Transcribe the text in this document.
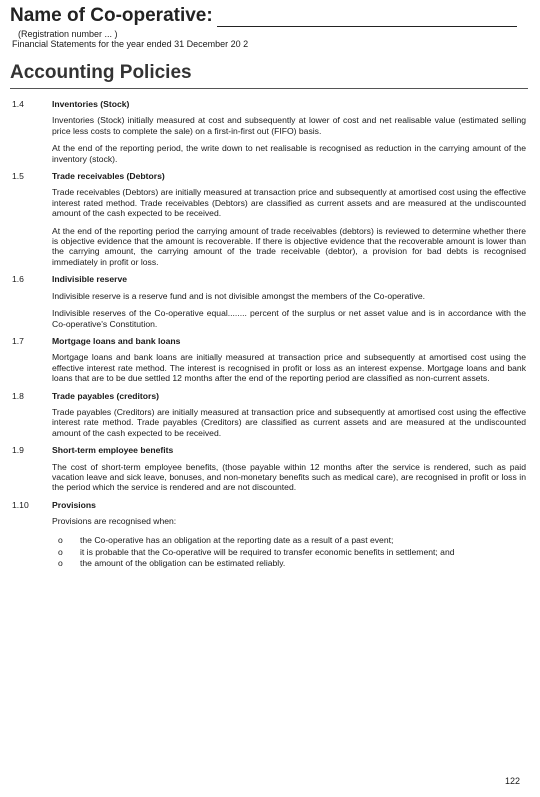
Name of Co-operative:
(Registration number ... )
Financial Statements for the year ended 31 December 20 2
Accounting Policies
1.4	Inventories (Stock)
Inventories (Stock) initially measured at cost and subsequently at lower of cost and net realisable value (estimated selling price less costs to complete the sale) on a first-in-first out (FIFO) basis.
At the end of the reporting period, the write down to net realisable is recognised as reduction in the carrying amount of the inventory (stock).
1.5	Trade receivables (Debtors)
Trade receivables (Debtors) are initially measured at transaction price and subsequently at amortised cost using the effective interest rated method. Trade receivables (Debtors) are classified as current assets and are measured at the undiscounted amount of the cash expected to be received.
At the end of the reporting period the carrying amount of trade receivables (debtors) is reviewed to determine whether there is objective evidence that the amount is recoverable. If there is objective evidence that the recoverable amount is lower than the carrying amount, the carrying amount of the trade receivable (debtor), a provision for bad debts is recognised immediately in profit or loss.
1.6	Indivisible reserve
Indivisible reserve is a reserve fund and is not divisible amongst the members of the Co-operative.
Indivisible reserves of the Co-operative equal........ percent of the surplus or net asset value and is in accordance with the Co-operative's Constitution.
1.7	Mortgage loans and bank loans
Mortgage loans and bank loans are initially measured at transaction price and subsequently at amortised cost using the effective interest rate method. The interest is recognised in profit or loss as an interest expense. Mortgage loans and bank loans that are to be due settled 12 months after the end of the reporting period are classified as non-current assets.
1.8	Trade payables (creditors)
Trade payables (Creditors) are initially measured at transaction price and subsequently at amortised cost using the effective interest rate method. Trade payables (Creditors) are classified as current assets and are measured at the undiscounted amount of the cash expected to be received.
1.9	Short-term employee benefits
The cost of short-term employee benefits, (those payable within 12 months after the service is rendered, such as paid vacation leave and sick leave, bonuses, and non-monetary benefits such as medical care), are recognised in profit or loss in the period which the service is rendered and are not discounted.
1.10	Provisions
Provisions are recognised when:
o	the Co-operative has an obligation at the reporting date as a result of a past event;
o	it is probable that the Co-operative will be required to transfer economic benefits in settlement; and
o	the amount of the obligation can be estimated reliably.
122
